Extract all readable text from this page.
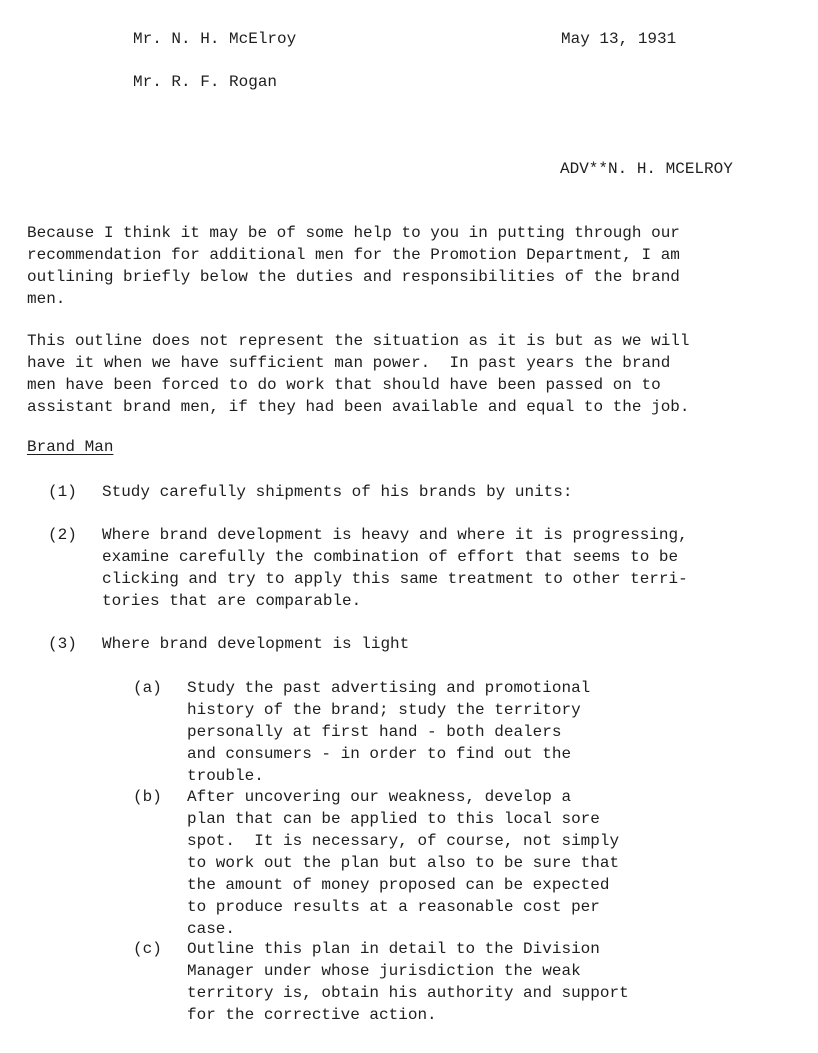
Mr. N. H. McElroy	May 13, 1931
Mr. R. F. Rogan
ADV**N. H. MCELROY
Because I think it may be of some help to you in putting through our
recommendation for additional men for the Promotion Department, I am
outlining briefly below the duties and responsibilities of the brand
men.
This outline does not represent the situation as it is but as we will
have it when we have sufficient man power.  In past years the brand
men have been forced to do work that should have been passed on to
assistant brand men, if they had been available and equal to the job.
Brand Man
(1) Study carefully shipments of his brands by units:
(2) Where brand development is heavy and where it is progressing,
examine carefully the combination of effort that seems to be
clicking and try to apply this same treatment to other terri-
tories that are comparable.
(3) Where brand development is light
(a) Study the past advertising and promotional
history of the brand; study the territory
personally at first hand - both dealers
and consumers - in order to find out the
trouble.
(b) After uncovering our weakness, develop a
plan that can be applied to this local sore
spot.  It is necessary, of course, not simply
to work out the plan but also to be sure that
the amount of money proposed can be expected
to produce results at a reasonable cost per
case.
(c) Outline this plan in detail to the Division
Manager under whose jurisdiction the weak
territory is, obtain his authority and support
for the corrective action.
